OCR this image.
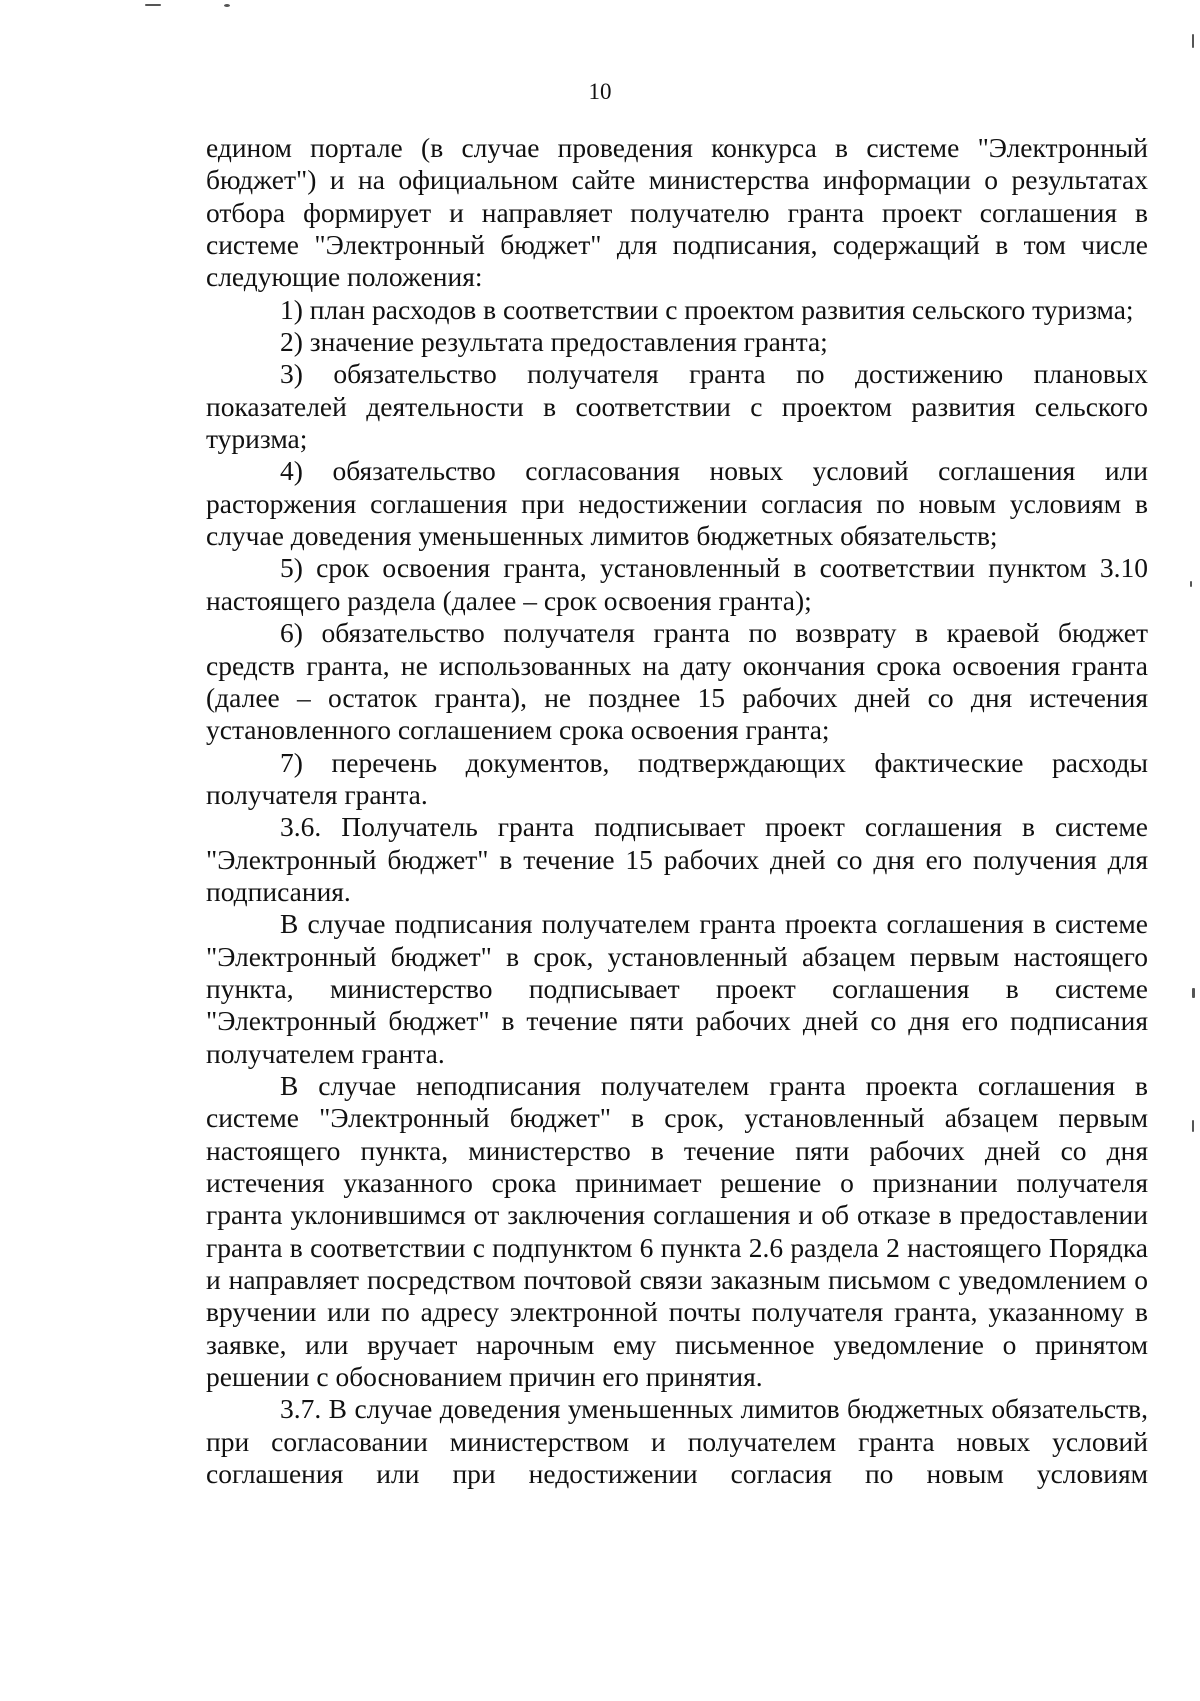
10

едином портале (в случае проведения конкурса в системе "Электронный бюджет") и на официальном сайте министерства информации о результатах отбора формирует и направляет получателю гранта проект соглашения в системе "Электронный бюджет" для подписания, содержащий в том числе следующие положения:

1) план расходов в соответствии с проектом развития сельского туризма;

2) значение результата предоставления гранта;

3) обязательство получателя гранта по достижению плановых показателей деятельности в соответствии с проектом развития сельского туризма;

4) обязательство согласования новых условий соглашения или расторжения соглашения при недостижении согласия по новым условиям в случае доведения уменьшенных лимитов бюджетных обязательств;

5) срок освоения гранта, установленный в соответствии пунктом 3.10 настоящего раздела (далее – срок освоения гранта);

6) обязательство получателя гранта по возврату в краевой бюджет средств гранта, не использованных на дату окончания срока освоения гранта (далее – остаток гранта), не позднее 15 рабочих дней со дня истечения установленного соглашением срока освоения гранта;

7) перечень документов, подтверждающих фактические расходы получателя гранта.

3.6. Получатель гранта подписывает проект соглашения в системе "Электронный бюджет" в течение 15 рабочих дней со дня его получения для подписания.

В случае подписания получателем гранта проекта соглашения в системе "Электронный бюджет" в срок, установленный абзацем первым настоящего пункта, министерство подписывает проект соглашения в системе "Электронный бюджет" в течение пяти рабочих дней со дня его подписания получателем гранта.

В случае неподписания получателем гранта проекта соглашения в системе "Электронный бюджет" в срок, установленный абзацем первым настоящего пункта, министерство в течение пяти рабочих дней со дня истечения указанного срока принимает решение о признании получателя гранта уклонившимся от заключения соглашения и об отказе в предоставлении гранта в соответствии с подпунктом 6 пункта 2.6 раздела 2 настоящего Порядка и направляет посредством почтовой связи заказным письмом с уведомлением о вручении или по адресу электронной почты получателя гранта, указанному в заявке, или вручает нарочным ему письменное уведомление о принятом решении с обоснованием причин его принятия.

3.7. В случае доведения уменьшенных лимитов бюджетных обязательств, при согласовании министерством и получателем гранта новых условий соглашения или при недостижении согласия по новым условиям
